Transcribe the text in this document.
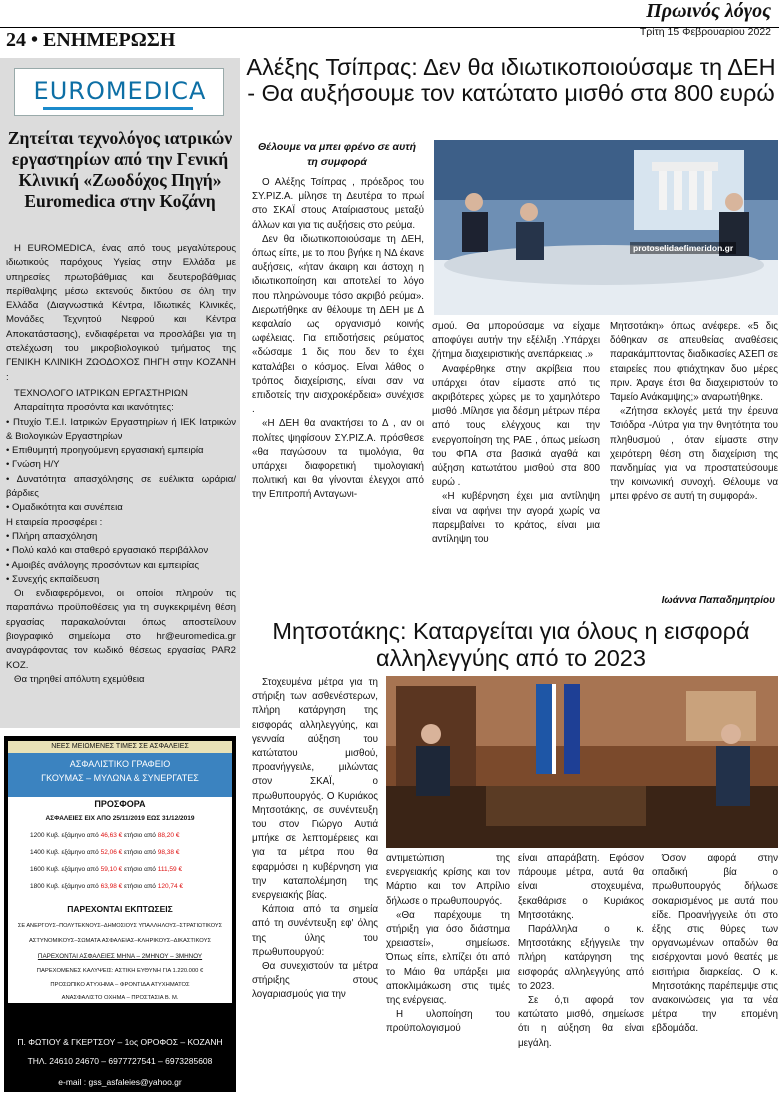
Πρωινός λόγος
Τρίτη 15 Φεβρουαρίου 2022
24 • ΕΝΗΜΕΡΩΣΗ
EUROMEDICA
Ζητείται τεχνολόγος ιατρικών εργαστηρίων από την Γενική Κλινική «Ζωοδόχος Πηγή» Euromedica στην Κοζάνη

Η EUROMEDICA, ένας από τους μεγαλύτερους ιδιωτικούς παρόχους Υγείας στην Ελλάδα με υπηρεσίες πρωτοβάθμιας και δευτεροβάθμιας περίθαλψης μέσω εκτενούς δικτύου σε όλη την Ελλάδα (Διαγνωστικά Κέντρα, Ιδιωτικές Κλινικές, Μονάδες Τεχνητού Νεφρού και Κέντρα Αποκατάστασης), ενδιαφέρεται να προσλάβει για τη στελέχωση του μικροβιολογικού τμήματος της ΓΕΝΙΚΗ ΚΛΙΝΙΚΗ ΖΩΟΔΟΧΟΣ ΠΗΓΗ στην ΚΟΖΑΝΗ :

ΤΕΧΝΟΛΟΓΟ ΙΑΤΡΙΚΩΝ ΕΡΓΑΣΤΗΡΙΩΝ

Απαραίτητα προσόντα και ικανότητες:

• Πτυχίο Τ.Ε.Ι. Ιατρικών Εργαστηρίων ή ΙΕΚ Ιατρικών & Βιολογικών Εργαστηρίων

• Επιθυμητή προηγούμενη εργασιακή εμπειρία

• Γνώση Η/Υ

• Δυνατότητα απασχόλησης σε ευέλικτα ωράρια/βάρδιες

• Ομαδικότητα και συνέπεια

Η εταιρεία προσφέρει :

• Πλήρη απασχόληση

• Πολύ καλό και σταθερό εργασιακό περιβάλλον

• Αμοιβές ανάλογης προσόντων και εμπειρίας

• Συνεχής εκπαίδευση

Οι ενδιαφερόμενοι, οι οποίοι πληρούν τις παραπάνω προϋποθέσεις για τη συγκεκριμένη θέση εργασίας παρακαλούνται όπως αποστείλουν βιογραφικό σημείωμα στο hr@euromedica.gr αναγράφοντας τον κωδικό θέσεως εργασίας PAR2 KOZ.

Θα τηρηθεί απόλυτη εχεμύθεια

ΝΕΕΣ ΜΕΙΩΜΕΝΕΣ ΤΙΜΕΣ ΣΕ ΑΣΦΑΛΕΙΕΣ
ΑΣΦΑΛΙΣΤΙΚΟ ΓΡΑΦΕΙΟ
ΓΚΟΥΜΑΣ – ΜΥΛΩΝΑ & ΣΥΝΕΡΓΑΤΕΣ
ΠΡΟΣΦΟΡΑ
ΑΣΦΑΛΕΙΕΣ ΕΙΧ ΑΠΟ 25/11/2019 ΕΩΣ 31/12/2019
1200 Κυβ. εξάμηνο από 46,63 € ετήσιο από 88,20 €
1400 Κυβ. εξάμηνο από 52,06 € ετήσιο από 98,38 €
1600 Κυβ. εξάμηνο από 59,10 € ετήσιο από 111,59 €
1800 Κυβ. εξάμηνο από 63,98 € ετήσιο από 120,74 €
ΠΑΡΕΧΟΝΤΑΙ ΕΚΠΤΩΣΕΙΣ
ΣΕ ΑΝΕΡΓΟΥΣ–ΠΟΛΥΤΕΚΝΟΥΣ–ΔΗΜΟΣΙΟΥΣ ΥΠΑΛΛΗΛΟΥΣ–ΣΤΡΑΤΙΩΤΙΚΟΥΣ
ΑΣΤΥΝΟΜΙΚΟΥΣ–ΣΩΜΑΤΑ ΑΣΦΑΛΕΙΑΣ–ΚΛΗΡΙΚΟΥΣ–ΔΙΚΑΣΤΙΚΟΥΣ
ΠΑΡΕΧΟΝΤΑΙ ΑΣΦΑΛΕΙΕΣ ΜΗΝΑ – 2ΜΗΝΟΥ – 3ΜΗΝΟΥ
ΠΑΡΕΧΟΜΕΝΕΣ ΚΑΛΥΨΕΙΣ: ΑΣΤΙΚΗ ΕΥΘΥΝΗ ΓΙΑ 1.220.000 €
ΠΡΟΣΩΠΙΚΟ ΑΤΥΧΗΜΑ – ΦΡΟΝΤΙΔΑ ΑΤΥΧΗΜΑΤΟΣ
ΑΝΑΣΦΑΛΙΣΤΟ ΟΧΗΜΑ – ΠΡΟΣΤΑΣΙΑ Β. Μ.
Π. ΦΩΤΙΟΥ & ΓΚΕΡΤΣΟΥ – 1ος ΟΡΟΦΟΣ – ΚΟΖΑΝΗ
ΤΗΛ. 24610 24670 – 6977727541 – 6973285608
e-mail : gss_asfaleies@yahoo.gr
Αλέξης Τσίπρας: Δεν θα ιδιωτικοποιούσαμε τη ΔΕΗ - Θα αυξήσουμε τον κατώτατο μισθό στα 800 ευρώ
Θέλουμε να μπει φρένο σε αυτή τη συμφορά

Ο Αλέξης Τσίπρας , πρόεδρος του ΣΥ.ΡΙΖ.Α. μίλησε τη Δευτέρα το πρωί στο ΣΚΑΪ στους Αταίριαστους μεταξύ άλλων και για τις αυξήσεις στο ρεύμα.

Δεν θα ιδιωτικοποιούσαμε τη ΔΕΗ, όπως είπε, με το που βγήκε η ΝΔ έκανε αυξήσεις, «ήταν άκαιρη και άστοχη η ιδιωτικοποίηση και αποτελεί το λόγο που πληρώνουμε τόσο ακριβό ρεύμα». Διερωτήθηκε αν θέλουμε τη ΔΕΗ με Δ κεφαλαίο ως οργανισμό κοινής ωφέλειας. Για επιδοτήσεις ρεύματος «δώσαμε 1 δις που δεν το έχει καταλάβει ο κόσμος. Είναι λάθος ο τρόπος διαχείρισης, είναι σαν να επιδοτείς την αισχροκέρδεια» συνέχισε .

«Η ΔΕΗ θα ανακτήσει το Δ , αν οι πολίτες ψηφίσουν ΣΥ.ΡΙΖ.Α. πρόσθεσε «θα παγώσουν τα τιμολόγια, θα υπάρχει διαφορετική τιμολογιακή πολιτική και θα γίνονται έλεγχοι από την Επιτροπή Ανταγωνι-

protoselidaefimeridon.gr

σμού. Θα μπορούσαμε να είχαμε αποφύγει αυτήν την εξέλιξη .Υπάρχει ζήτημα διαχειριστικής ανεπάρκειας .»

Αναφέρθηκε στην ακρίβεια που υπάρχει όταν είμαστε από τις ακριβότερες χώρες με το χαμηλότερο μισθό .Μίλησε για δέσμη μέτρων πέρα από τους ελέγχους και την ενεργοποίηση της ΡΑΕ , όπως μείωση του ΦΠΑ στα βασικά αγαθά και αύξηση κατωτάτου μισθού στα 800 ευρώ .

«Η κυβέρνηση έχει μια αντίληψη είναι να αφήνει την αγορά χωρίς να παρεμβαίνει το κράτος, είναι μια αντίληψη του

Μητσοτάκη» όπως ανέφερε. «5 δις δόθηκαν σε απευθείας αναθέσεις παρακάμπτοντας διαδικασίες ΑΣΕΠ σε εταιρείες που φτιάχτηκαν δυο μέρες πριν. Άραγε έτσι θα διαχειριστούν το Ταμείο Ανάκαμψης;» αναρωτήθηκε.

«Ζήτησα εκλογές μετά την έρευνα Τσιόδρα -Λύτρα για την θνητότητα του πληθυσμού , όταν είμαστε στην χειρότερη θέση στη διαχείριση της πανδημίας για να προστατεύσουμε την κοινωνική συνοχή. Θέλουμε να μπει φρένο σε αυτή τη συμφορά».

Ιωάννα Παπαδημητρίου
Μητσοτάκης: Καταργείται για όλους η εισφορά αλληλεγγύης από το 2023

Στοχευμένα μέτρα για τη στήριξη των ασθενέστερων, πλήρη κατάργηση της εισφοράς αλληλεγγύης, και γενναία αύξηση του κατώτατου μισθού, προανήγγειλε, μιλώντας στον ΣΚΑΪ, ο πρωθυπουργός. Ο Κυριάκος Μητσοτάκης, σε συνέντευξη του στον Γιώργο Αυτιά μπήκε σε λεπτομέρειες και για τα μέτρα που θα εφαρμόσει η κυβέρνηση για την καταπολέμηση της ενεργειακής βίας.

Κάποια από τα σημεία από τη συνέντευξη εφ' όλης της ύλης του πρωθυπουργού:

Θα συνεχιστούν τα μέτρα στήριξης στους λογαριασμούς για την

αντιμετώπιση της ενεργειακής κρίσης και τον Μάρτιο και τον Απρίλιο δήλωσε ο πρωθυπουργός.

«Θα παρέχουμε τη στήριξη για όσο διάστημα χρειαστεί», σημείωσε. Όπως είπε, ελπίζει ότι από το Μάιο θα υπάρξει μια αποκλιμάκωση στις τιμές της ενέργειας.

Η υλοποίηση του προϋπολογισμού

είναι απαράβατη. Εφόσον πάρουμε μέτρα, αυτά θα είναι στοχευμένα, ξεκαθάρισε ο Κυριάκος Μητσοτάκης.

Παράλληλα ο κ. Μητσοτάκης εξήγγειλε την πλήρη κατάργηση της εισφοράς αλληλεγγύης από το 2023.

Σε ό,τι αφορά τον κατώτατο μισθό, σημείωσε ότι η αύξηση θα είναι μεγάλη.

Όσον αφορά στην οπαδική βία ο πρωθυπουργός δήλωσε σοκαρισμένος με αυτά που είδε. Προανήγγειλε ότι στο έξης στις θύρες των οργανωμένων οπαδών θα εισέρχονται μονό θεατές με εισιτήρια διαρκείας. Ο κ. Μητσοτάκης παρέπεμψε στις ανακοινώσεις για τα νέα μέτρα την επομένη εβδομάδα.
